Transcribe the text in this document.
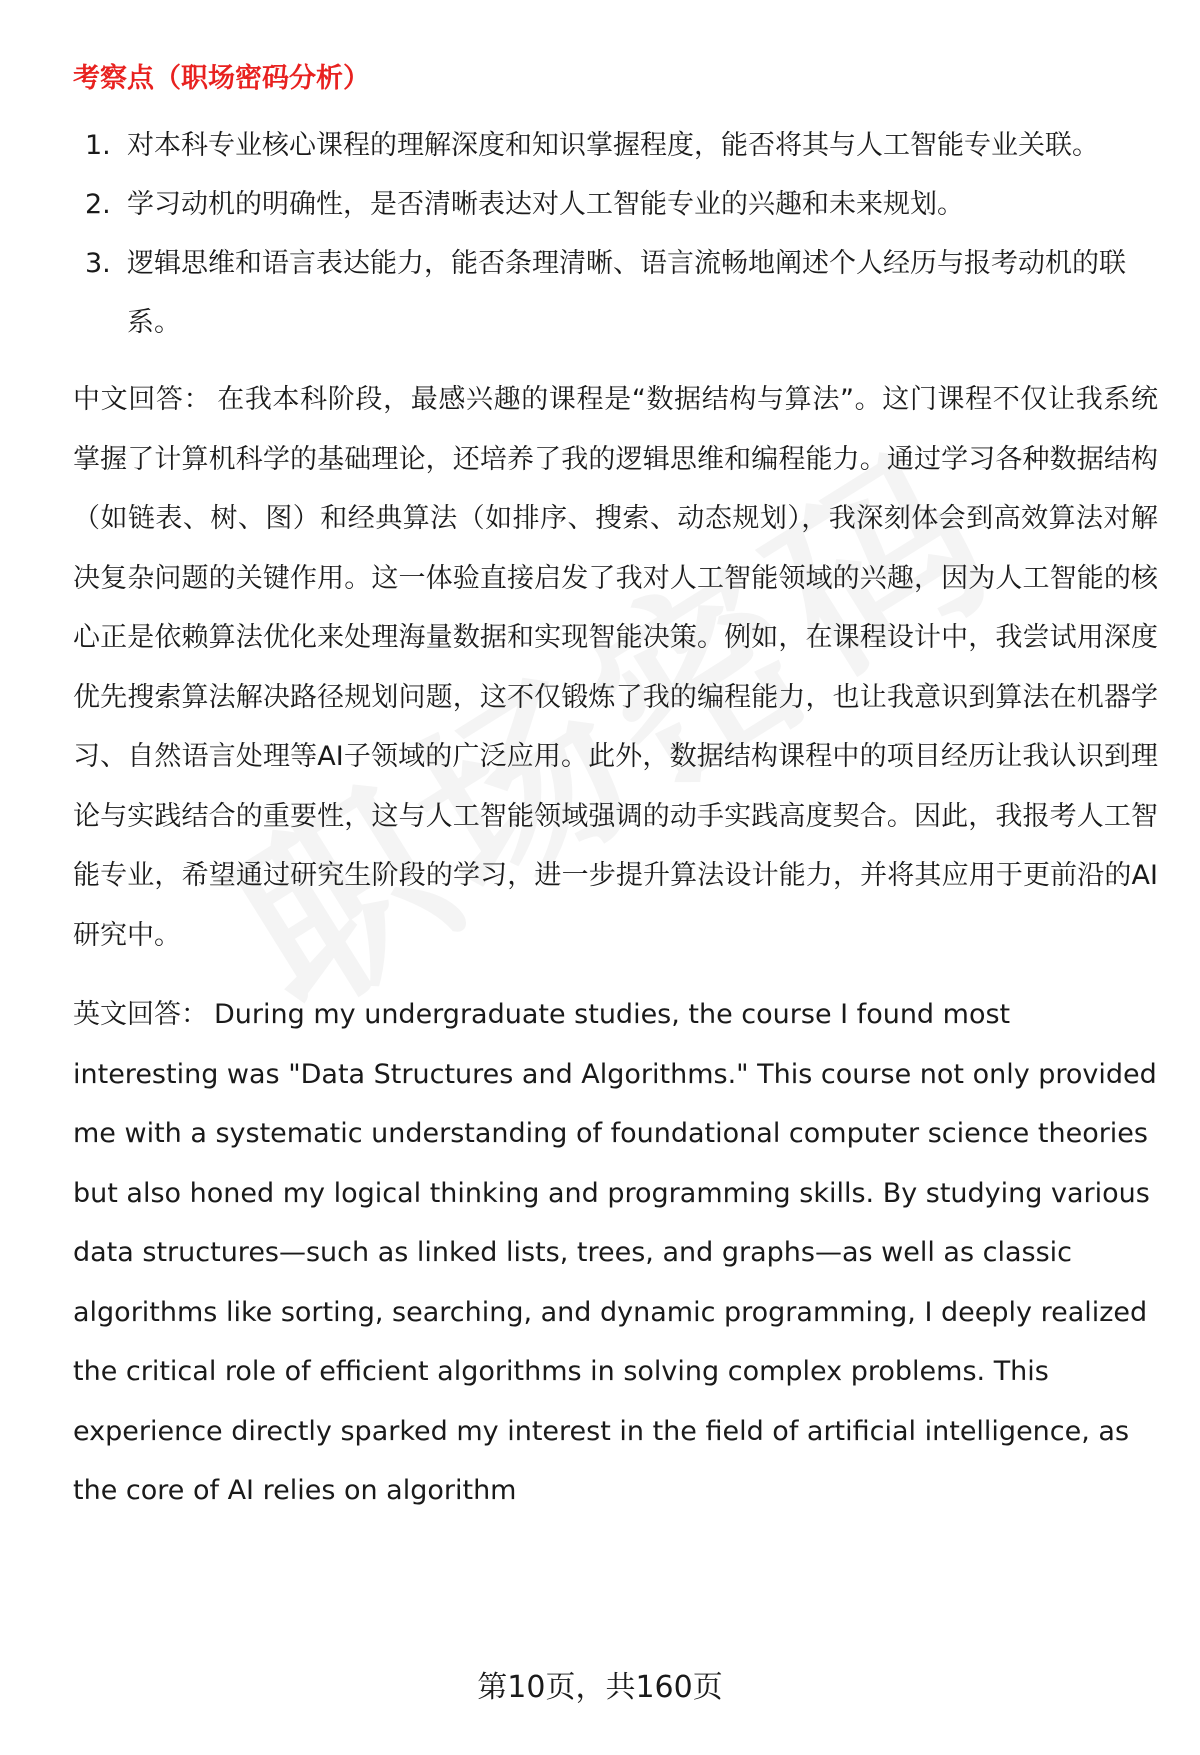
考察点（职场密码分析）
1. 对本科专业核心课程的理解深度和知识掌握程度，能否将其与人工智能专业关联。
2. 学习动机的明确性，是否清晰表达对人工智能专业的兴趣和未来规划。
3. 逻辑思维和语言表达能力，能否条理清晰、语言流畅地阐述个人经历与报考动机的联系。

中文回答： 在我本科阶段，最感兴趣的课程是“数据结构与算法”。这门课程不仅让我系统掌握了计算机科学的基础理论，还培养了我的逻辑思维和编程能力。通过学习各种数据结构（如链表、树、图）和经典算法（如排序、搜索、动态规划），我深刻体会到高效算法对解决复杂问题的关键作用。这一体验直接启发了我对人工智能领域的兴趣，因为人工智能的核心正是依赖算法优化来处理海量数据和实现智能决策。例如，在课程设计中，我尝试用深度优先搜索算法解决路径规划问题，这不仅锻炼了我的编程能力，也让我意识到算法在机器学习、自然语言处理等AI子领域的广泛应用。此外，数据结构课程中的项目经历让我认识到理论与实践结合的重要性，这与人工智能领域强调的动手实践高度契合。因此，我报考人工智能专业，希望通过研究生阶段的学习，进一步提升算法设计能力，并将其应用于更前沿的AI研究中。

英文回答： During my undergraduate studies, the course I found most interesting was "Data Structures and Algorithms." This course not only provided me with a systematic understanding of foundational computer science theories but also honed my logical thinking and programming skills. By studying various data structures—such as linked lists, trees, and graphs—as well as classic algorithms like sorting, searching, and dynamic programming, I deeply realized the critical role of efficient algorithms in solving complex problems. This experience directly sparked my interest in the field of artificial intelligence, as the core of AI relies on algorithm

第10页，共160页
